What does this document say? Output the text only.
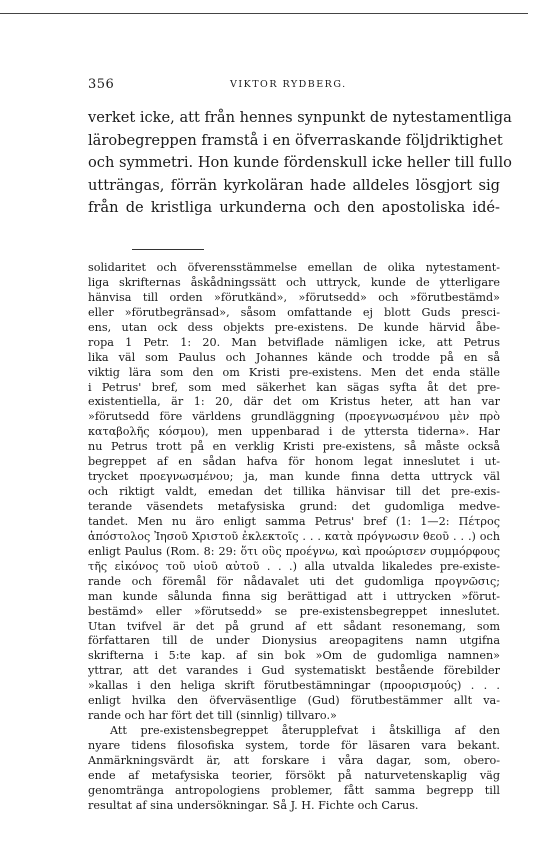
356	VIKTOR RYDBERG.
verket icke, att från hennes synpunkt de nytestamentliga
lärobegreppen framstå i en öfverraskande följdriktighet
och symmetri. Hon kunde fördenskull icke heller till fullo
utträngas, förrän kyrkoläran hade alldeles lösgjort sig
från de kristliga urkunderna och den apostoliska idé-
solidaritet och öfverensstämmelse emellan de olika nytestament-
liga skrifternas åskådningssätt och uttryck, kunde de ytterligare
hänvisa till orden »förutkänd», »förutsedd» och »förutbestämd»
eller »förutbegränsad», såsom omfattande ej blott Guds presci-
ens, utan ock dess objekts pre-existens. De kunde härvid åbe-
ropa 1 Petr. 1: 20. Man betviflade nämligen icke, att Petrus
lika väl som Paulus och Johannes kände och trodde på en så
viktig lära som den om Kristi pre-existens. Men det enda ställe
i Petrus' bref, som med säkerhet kan sägas syfta åt det pre-
existentiella, är 1: 20, där det om Kristus heter, att han var
»förutsedd före världens grundläggning (προεγνωσμένου μὲν πρὸ
καταβολῆς κόσμου), men uppenbarad i de yttersta tiderna». Har
nu Petrus trott på en verklig Kristi pre-existens, så måste också
begreppet af en sådan hafva för honom legat inneslutet i ut-
trycket προεγνωσμένου; ja, man kunde finna detta uttryck väl
och riktigt valdt, emedan det tillika hänvisar till det pre-exis-
terande väsendets metafysiska grund: det gudomliga medve-
tandet. Men nu äro enligt samma Petrus' bref (1: 1—2: Πέτρος
ἀπόστολος Ἰησοῦ Χριστοῦ ἐκλεκτοῖς . . . κατὰ πρόγνωσιν θεοῦ . . .) och
enligt Paulus (Rom. 8: 29: ὅτι οὓς προέγνω, καὶ προώρισεν συμμόρφους
τῆς εἰκόνος τοῦ υἱοῦ αὐτοῦ . . .) alla utvalda likaledes pre-existe-
rande och föremål för nådavalet uti det gudomliga προγνῶσις;
man kunde sålunda finna sig berättigad att i uttrycken »förut-
bestämd» eller »förutsedd» se pre-existensbegreppet inneslutet.
Utan tvifvel är det på grund af ett sådant resonemang, som
författaren till de under Dionysius areopagitens namn utgifna
skrifterna i 5:te kap. af sin bok »Om de gudomliga namnen»
yttrar, att det varandes i Gud systematiskt bestående förebilder
»kallas i den heliga skrift förutbestämningar (προορισμούς) . . .
enligt hvilka den öfverväsentlige (Gud) förutbestämmer allt va-
rande och har fört det till (sinnlig) tillvaro.»
Att pre-existensbegreppet återupplefvat i åtskilliga af den
nyare tidens filosofiska system, torde för läsaren vara bekant.
Anmärkningsvärdt är, att forskare i våra dagar, som, obero-
ende af metafysiska teorier, försökt på naturvetenskaplig väg
genomtränga antropologiens problemer, fått samma begrepp till
resultat af sina undersökningar. Så J. H. Fichte och Carus.
